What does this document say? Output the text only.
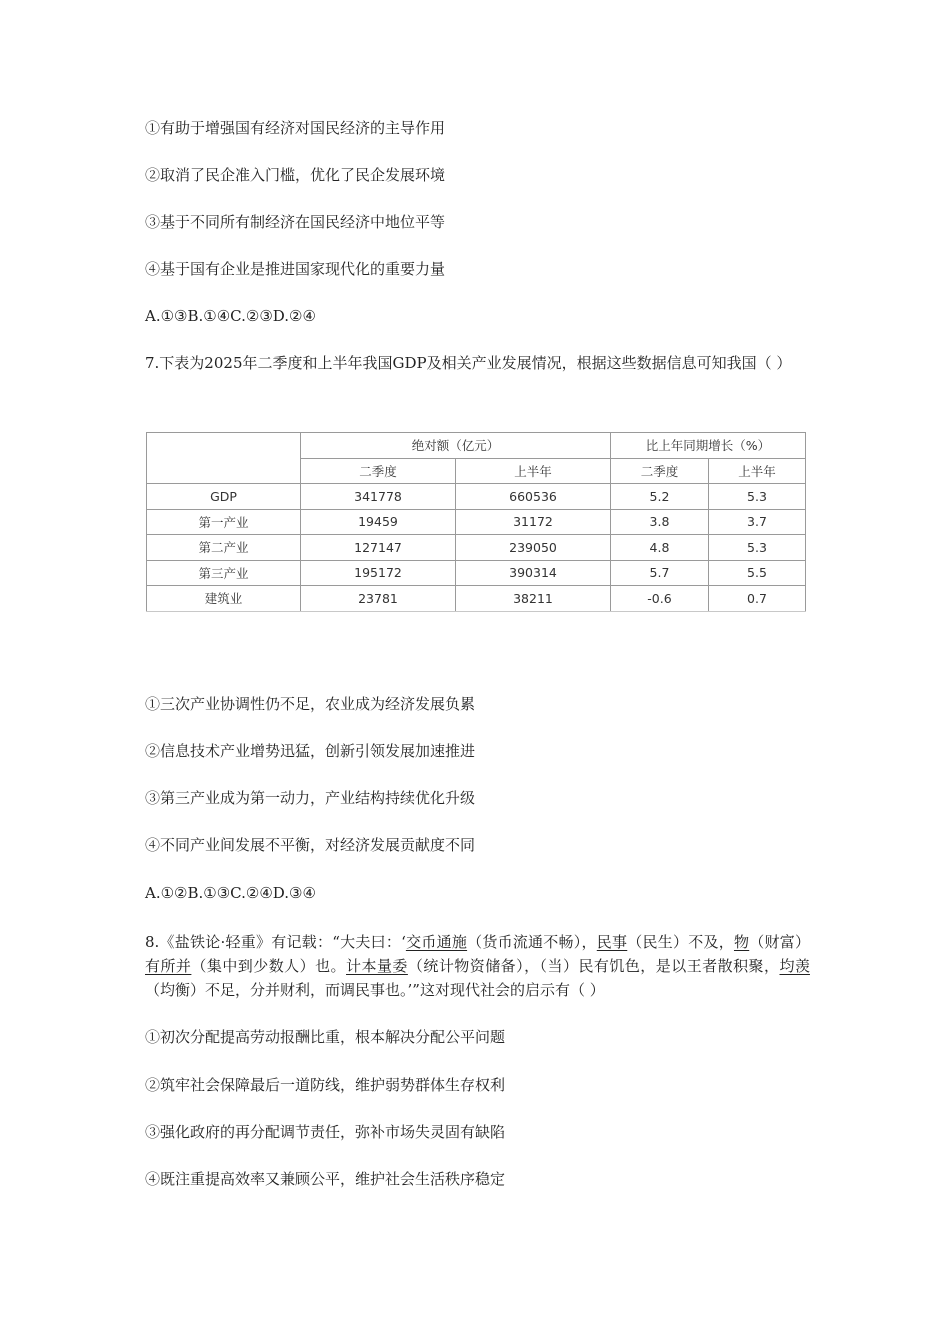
①有助于增强国有经济对国民经济的主导作用
②取消了民企准入门槛，优化了民企发展环境
③基于不同所有制经济在国民经济中地位平等
④基于国有企业是推进国家现代化的重要力量
A.①③B.①④C.②③D.②④
7.下表为2025年二季度和上半年我国GDP及相关产业发展情况，根据这些数据信息可知我国（ ）
	绝对额（亿元）		比上年同期增长（%）	
	二季度	上半年	二季度	上半年
GDP	341778	660536	5.2	5.3
第一产业	19459	31172	3.8	3.7
第二产业	127147	239050	4.8	5.3
第三产业	195172	390314	5.7	5.5
建筑业	23781	38211	-0.6	0.7
①三次产业协调性仍不足，农业成为经济发展负累
②信息技术产业增势迅猛，创新引领发展加速推进
③第三产业成为第一动力，产业结构持续优化升级
④不同产业间发展不平衡，对经济发展贡献度不同
A.①②B.①③C.②④D.③④
8.《盐铁论·轻重》有记载：“大夫曰：‘交币通施（货币流通不畅），民事（民生）不及，物（财富）有所并（集中到少数人）也。计本量委（统计物资储备），（当）民有饥色，是以王者散积聚，均羡（均衡）不足，分并财利，而调民事也。’”这对现代社会的启示有（ ）
①初次分配提高劳动报酬比重，根本解决分配公平问题
②筑牢社会保障最后一道防线，维护弱势群体生存权利
③强化政府的再分配调节责任，弥补市场失灵固有缺陷
④既注重提高效率又兼顾公平，维护社会生活秩序稳定
